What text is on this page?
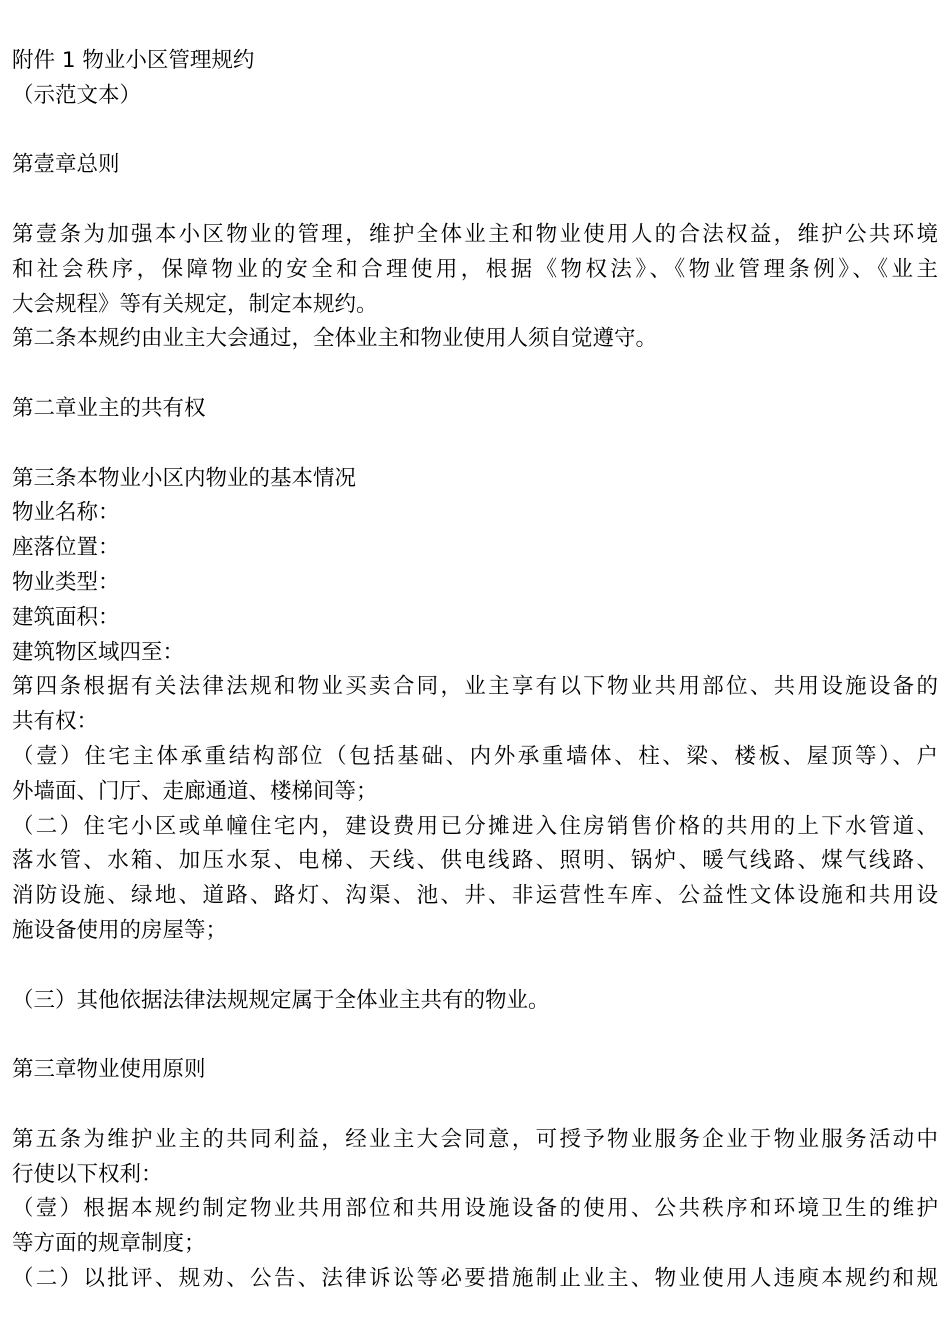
附件 1 物业小区管理规约
（示范文本）
第壹章总则
第壹条为加强本小区物业的管理，维护全体业主和物业使用人的合法权益，维护公共环境
和社会秩序，保障物业的安全和合理使用，根据《物权法》、《物业管理条例》、《业主
大会规程》等有关规定，制定本规约。
第二条本规约由业主大会通过，全体业主和物业使用人须自觉遵守。
第二章业主的共有权
第三条本物业小区内物业的基本情况
物业名称：
座落位置：
物业类型：
建筑面积：
建筑物区域四至：
第四条根据有关法律法规和物业买卖合同，业主享有以下物业共用部位、共用设施设备的
共有权：
（壹）住宅主体承重结构部位（包括基础、内外承重墙体、柱、梁、楼板、屋顶等）、户
外墙面、门厅、走廊通道、楼梯间等；
（二）住宅小区或单幢住宅内，建设费用已分摊进入住房销售价格的共用的上下水管道、
落水管、水箱、加压水泵、电梯、天线、供电线路、照明、锅炉、暖气线路、煤气线路、
消防设施、绿地、道路、路灯、沟渠、池、井、非运营性车库、公益性文体设施和共用设
施设备使用的房屋等；
（三）其他依据法律法规规定属于全体业主共有的物业。
第三章物业使用原则
第五条为维护业主的共同利益，经业主大会同意，可授予物业服务企业于物业服务活动中
行使以下权利：
（壹）根据本规约制定物业共用部位和共用设施设备的使用、公共秩序和环境卫生的维护
等方面的规章制度；
（二）以批评、规劝、公告、法律诉讼等必要措施制止业主、物业使用人违庾本规约和规
